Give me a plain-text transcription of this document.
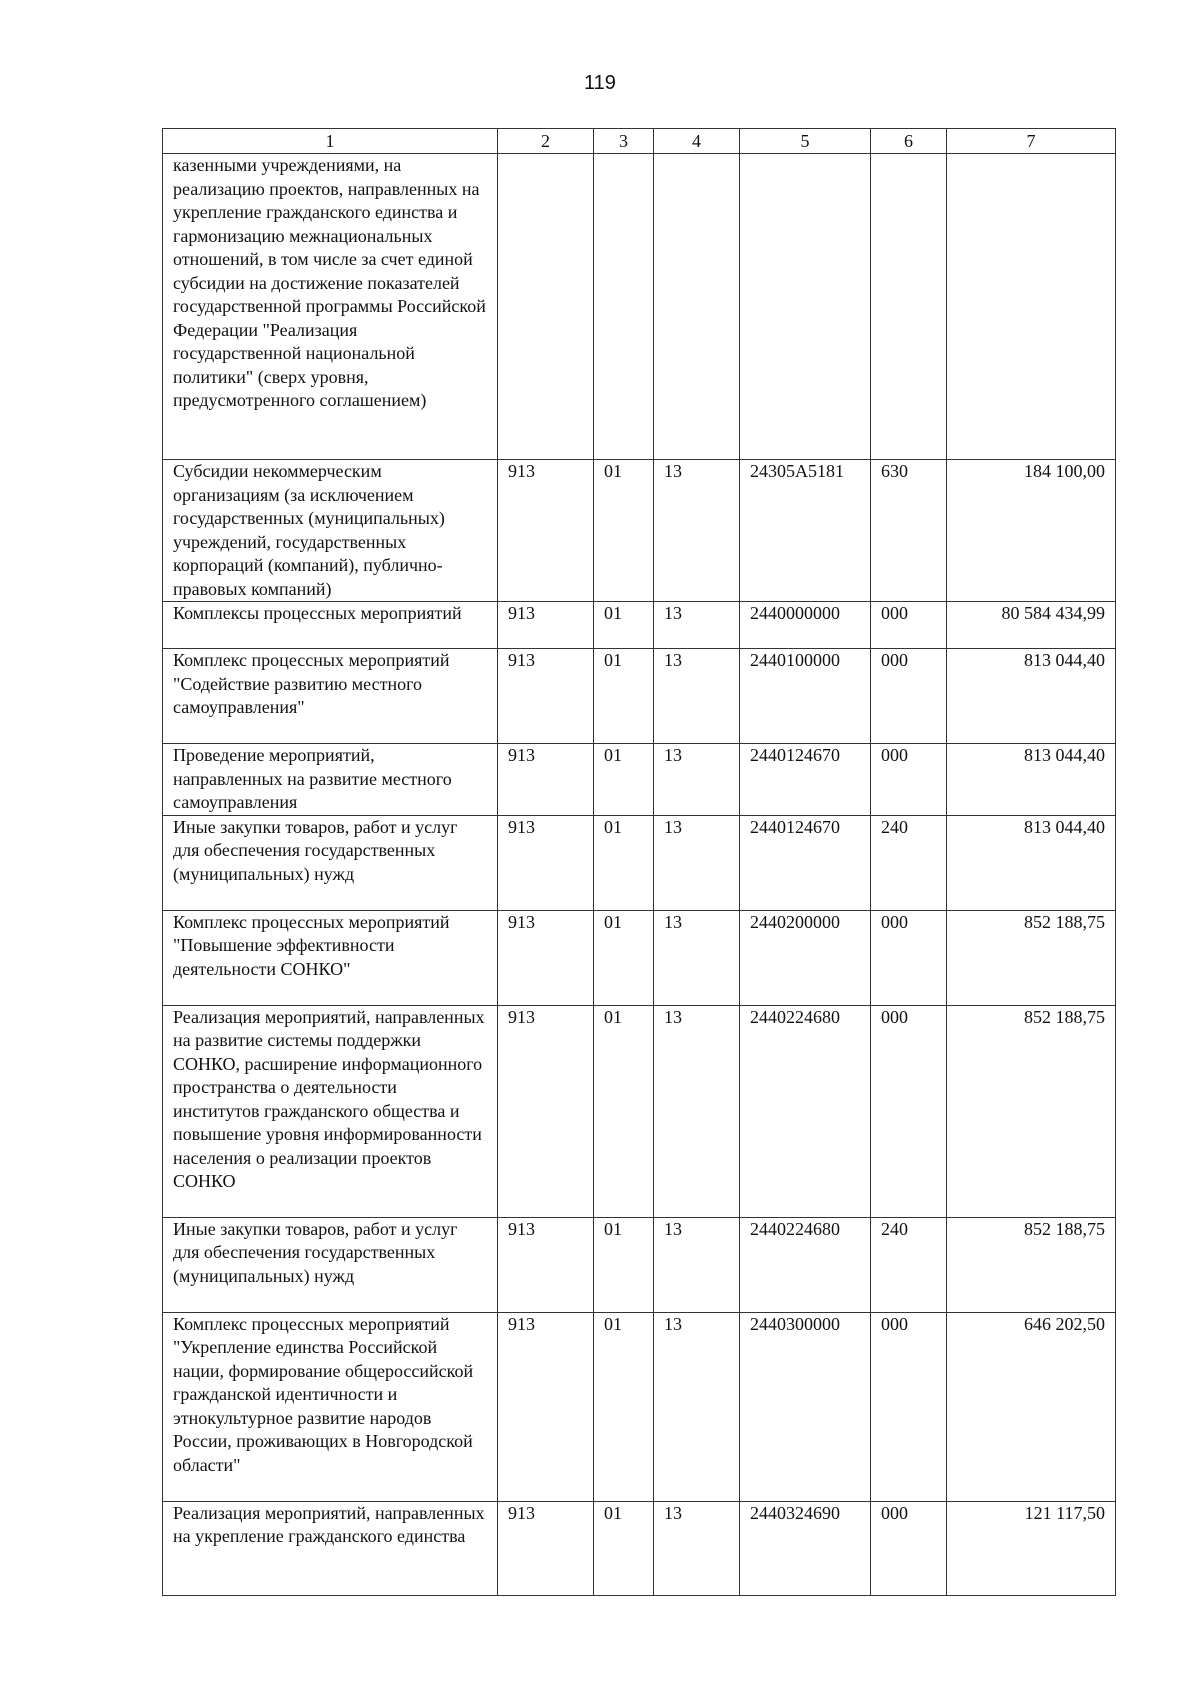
119
1	2	3	4	5	6	7
казенными учреждениями, на реализацию проектов, направленных на укрепление гражданского единства и гармонизацию межнациональных отношений, в том числе за счет единой субсидии на достижение показателей государственной программы Российской Федерации "Реализация государственной национальной политики" (сверх уровня, предусмотренного соглашением)						
Субсидии некоммерческим организациям (за исключением государственных (муниципальных) учреждений, государственных корпораций (компаний), публично-правовых компаний)	913	01	13	24305A5181	630	184 100,00
Комплексы процессных мероприятий	913	01	13	2440000000	000	80 584 434,99
Комплекс процессных мероприятий "Содействие развитию местного самоуправления"	913	01	13	2440100000	000	813 044,40
Проведение мероприятий, направленных на развитие местного самоуправления	913	01	13	2440124670	000	813 044,40
Иные закупки товаров, работ и услуг для обеспечения государственных (муниципальных) нужд	913	01	13	2440124670	240	813 044,40
Комплекс процессных мероприятий "Повышение эффективности деятельности СОНКО"	913	01	13	2440200000	000	852 188,75
Реализация мероприятий, направленных на развитие системы поддержки СОНКО, расширение информационного пространства о деятельности институтов гражданского общества и повышение уровня информированности населения о реализации проектов СОНКО	913	01	13	2440224680	000	852 188,75
Иные закупки товаров, работ и услуг для обеспечения государственных (муниципальных) нужд	913	01	13	2440224680	240	852 188,75
Комплекс процессных мероприятий "Укрепление единства Российской нации, формирование общероссийской гражданской идентичности и этнокультурное развитие народов России, проживающих в Новгородской области"	913	01	13	2440300000	000	646 202,50
Реализация мероприятий, направленных на укрепление гражданского единства	913	01	13	2440324690	000	121 117,50
